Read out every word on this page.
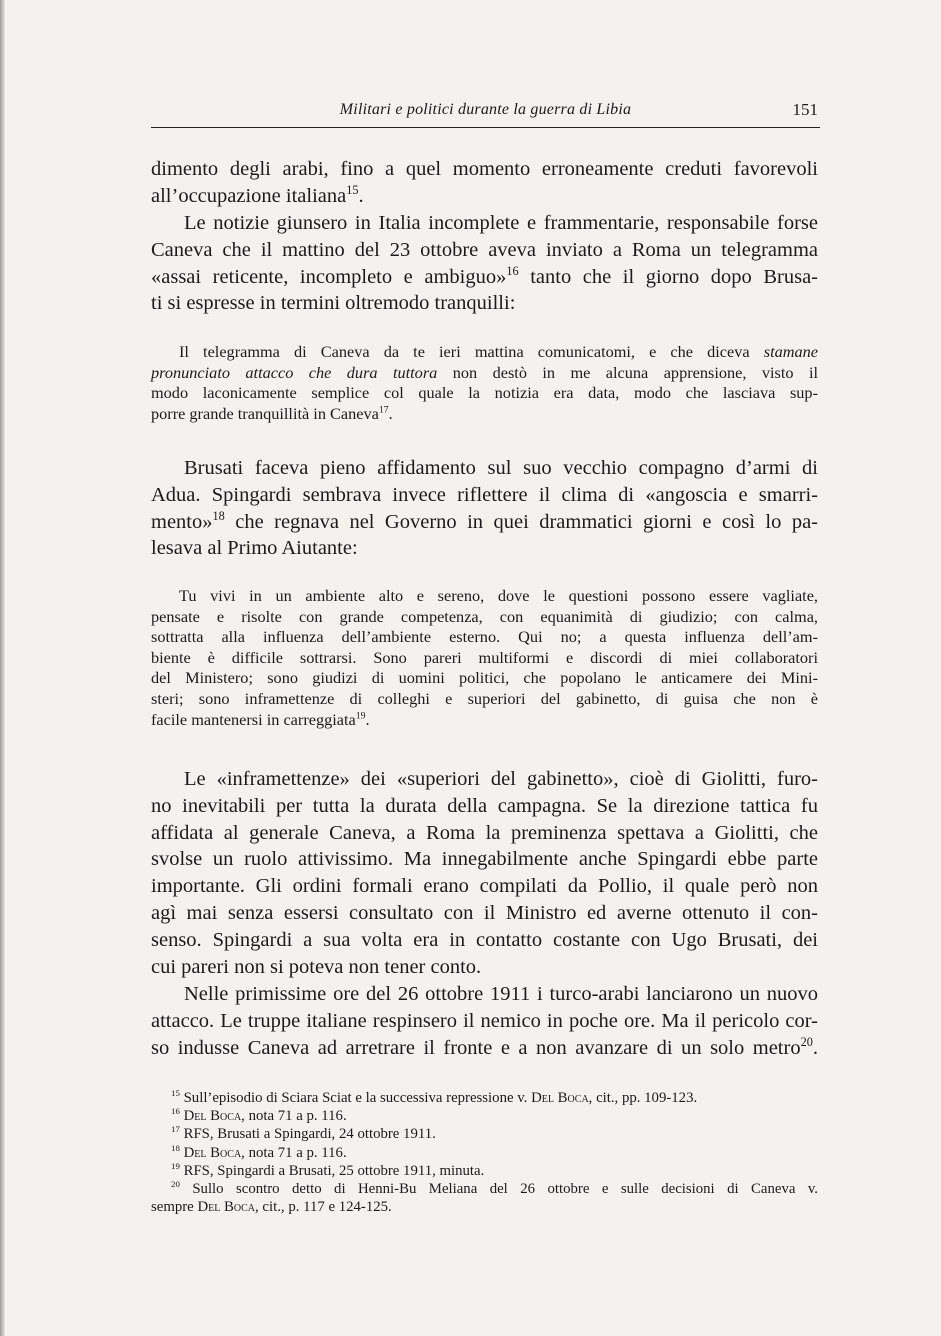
Militari e politici durante la guerra di Libia	151
dimento degli arabi, fino a quel momento erroneamente creduti favorevoli
all’occupazione italiana$^{15}$.
Le notizie giunsero in Italia incomplete e frammentarie, responsabile forse
Caneva che il mattino del 23 ottobre aveva inviato a Roma un telegramma
«assai reticente, incompleto e ambiguo»$^{16}$ tanto che il giorno dopo Brusa-
ti si espresse in termini oltremodo tranquilli:
Il telegramma di Caneva da te ieri mattina comunicatomi, e che diceva stamane
pronunciato attacco che dura tuttora non destò in me alcuna apprensione, visto il
modo laconicamente semplice col quale la notizia era data, modo che lasciava sup-
porre grande tranquillità in Caneva$^{17}$.
Brusati faceva pieno affidamento sul suo vecchio compagno d’armi di
Adua. Spingardi sembrava invece riflettere il clima di «angoscia e smarri-
mento»$^{18}$ che regnava nel Governo in quei drammatici giorni e così lo pa-
lesava al Primo Aiutante:
Tu vivi in un ambiente alto e sereno, dove le questioni possono essere vagliate,
pensate e risolte con grande competenza, con equanimità di giudizio; con calma,
sottratta alla influenza dell’ambiente esterno. Qui no; a questa influenza dell’am-
biente è difficile sottrarsi. Sono pareri multiformi e discordi di miei collaboratori
del Ministero; sono giudizi di uomini politici, che popolano le anticamere dei Mini-
steri; sono inframettenze di colleghi e superiori del gabinetto, di guisa che non è
facile mantenersi in carreggiata$^{19}$.
Le «inframettenze» dei «superiori del gabinetto», cioè di Giolitti, furo-
no inevitabili per tutta la durata della campagna. Se la direzione tattica fu
affidata al generale Caneva, a Roma la preminenza spettava a Giolitti, che
svolse un ruolo attivissimo. Ma innegabilmente anche Spingardi ebbe parte
importante. Gli ordini formali erano compilati da Pollio, il quale però non
agì mai senza essersi consultato con il Ministro ed averne ottenuto il con-
senso. Spingardi a sua volta era in contatto costante con Ugo Brusati, dei
cui pareri non si poteva non tener conto.
Nelle primissime ore del 26 ottobre 1911 i turco-arabi lanciarono un nuovo
attacco. Le truppe italiane respinsero il nemico in poche ore. Ma il pericolo cor-
so indusse Caneva ad arretrare il fronte e a non avanzare di un solo metro$^{20}$.
$^{15}$ Sull’episodio di Sciara Sciat e la successiva repressione v. Del Boca, cit., pp. 109-123.
$^{16}$ Del Boca, nota 71 a p. 116.
$^{17}$ RFS, Brusati a Spingardi, 24 ottobre 1911.
$^{18}$ Del Boca, nota 71 a p. 116.
$^{19}$ RFS, Spingardi a Brusati, 25 ottobre 1911, minuta.
$^{20}$ Sullo scontro detto di Henni-Bu Meliana del 26 ottobre e sulle decisioni di Caneva v.
sempre Del Boca, cit., p. 117 e 124-125.
